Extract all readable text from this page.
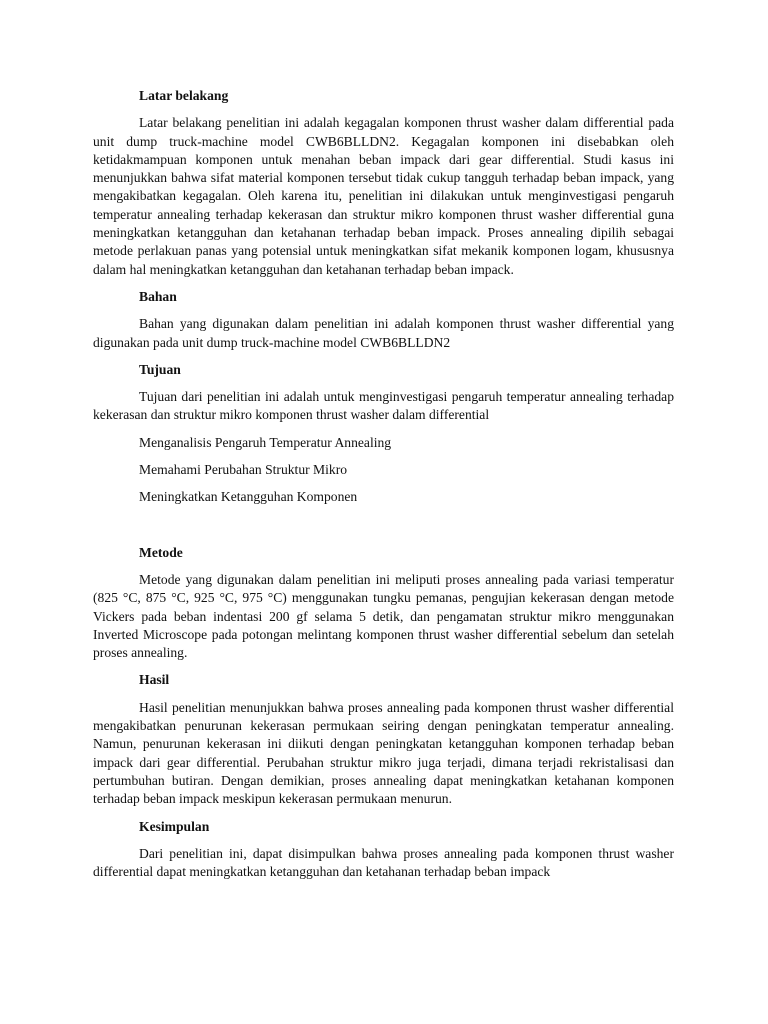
Latar belakang

Latar belakang penelitian ini adalah kegagalan komponen thrust washer dalam differential pada unit dump truck-machine model CWB6BLLDN2. Kegagalan komponen ini disebabkan oleh ketidakmampuan komponen untuk menahan beban impack dari gear differential. Studi kasus ini menunjukkan bahwa sifat material komponen tersebut tidak cukup tangguh terhadap beban impack, yang mengakibatkan kegagalan. Oleh karena itu, penelitian ini dilakukan untuk menginvestigasi pengaruh temperatur annealing terhadap kekerasan dan struktur mikro komponen thrust washer differential guna meningkatkan ketangguhan dan ketahanan terhadap beban impack. Proses annealing dipilih sebagai metode perlakuan panas yang potensial untuk meningkatkan sifat mekanik komponen logam, khususnya dalam hal meningkatkan ketangguhan dan ketahanan terhadap beban impack.

Bahan

Bahan yang digunakan dalam penelitian ini adalah komponen thrust washer differential yang digunakan pada unit dump truck-machine model CWB6BLLDN2

Tujuan

Tujuan dari penelitian ini adalah untuk menginvestigasi pengaruh temperatur annealing terhadap kekerasan dan struktur mikro komponen thrust washer dalam differential

Menganalisis Pengaruh Temperatur Annealing
Memahami Perubahan Struktur Mikro
Meningkatkan Ketangguhan Komponen
Metode

Metode yang digunakan dalam penelitian ini meliputi proses annealing pada variasi temperatur (825 °C, 875 °C, 925 °C, 975 °C) menggunakan tungku pemanas, pengujian kekerasan dengan metode Vickers pada beban indentasi 200 gf selama 5 detik, dan pengamatan struktur mikro menggunakan Inverted Microscope pada potongan melintang komponen thrust washer differential sebelum dan setelah proses annealing.

Hasil

Hasil penelitian menunjukkan bahwa proses annealing pada komponen thrust washer differential mengakibatkan penurunan kekerasan permukaan seiring dengan peningkatan temperatur annealing. Namun, penurunan kekerasan ini diikuti dengan peningkatan ketangguhan komponen terhadap beban impack dari gear differential. Perubahan struktur mikro juga terjadi, dimana terjadi rekristalisasi dan pertumbuhan butiran. Dengan demikian, proses annealing dapat meningkatkan ketahanan komponen terhadap beban impack meskipun kekerasan permukaan menurun.

Kesimpulan

Dari penelitian ini, dapat disimpulkan bahwa proses annealing pada komponen thrust washer differential dapat meningkatkan ketangguhan dan ketahanan terhadap beban impack
